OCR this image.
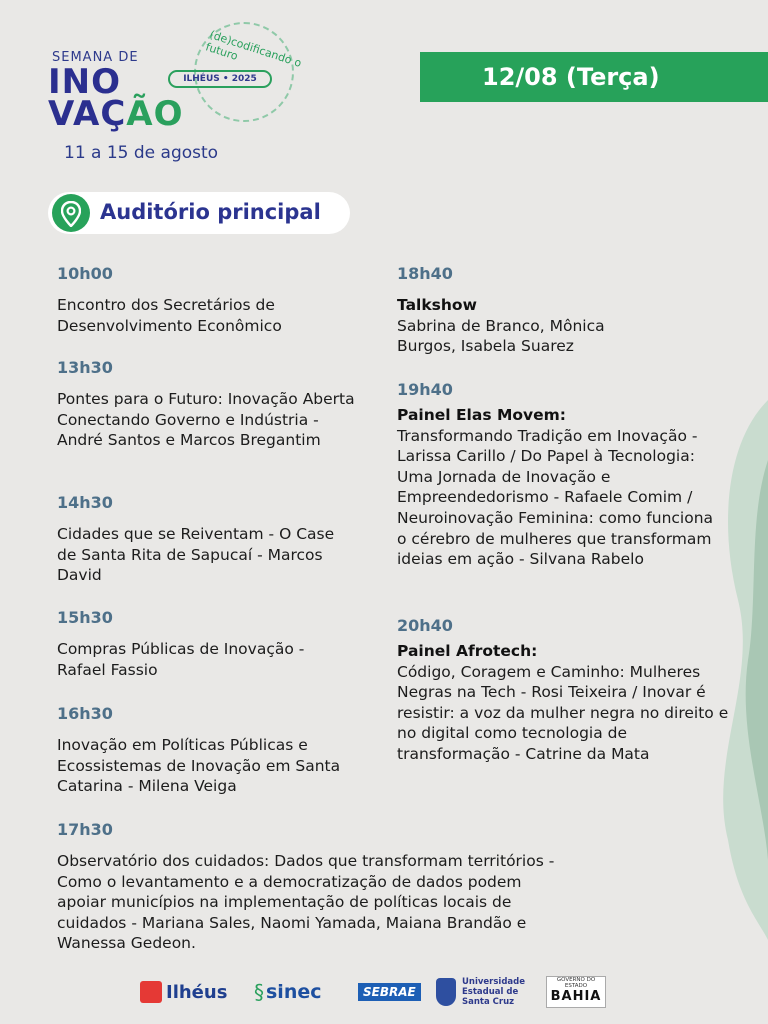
(de)codificando o futuro
SEMANA DE
INO	ILHÉUS • 2025
VAÇÃO
11 a 15 de agosto
12/08 (Terça)
Auditório principal
10h00
Encontro dos Secretários de Desenvolvimento Econômico
13h30
Pontes para o Futuro: Inovação Aberta Conectando Governo e Indústria - André Santos e Marcos Bregantim
14h30
Cidades que se Reiventam - O Case de Santa Rita de Sapucaí - Marcos David
15h30
Compras Públicas de Inovação - Rafael Fassio
16h30
Inovação em Políticas Públicas e Ecossistemas de Inovação em Santa Catarina - Milena Veiga
17h30
Observatório dos cuidados: Dados que transformam territórios - Como o levantamento e a democratização de dados podem apoiar municípios na implementação de políticas locais de cuidados - Mariana Sales, Naomi Yamada, Maiana Brandão e Wanessa Gedeon.
18h40
Talkshow
Sabrina de Branco, Mônica Burgos, Isabela Suarez
19h40
Painel Elas Movem:
Transformando Tradição em Inovação - Larissa Carillo / Do Papel à Tecnologia: Uma Jornada de Inovação e Empreendedorismo - Rafaele Comim / Neuroinovação Feminina: como funciona o cérebro de mulheres que transformam ideias em ação - Silvana Rabelo
20h40
Painel Afrotech:
Código, Coragem e Caminho: Mulheres Negras na Tech - Rosi Teixeira / Inovar é resistir: a voz da mulher negra no direito e no digital como tecnologia de transformação - Catrine da Mata
Ilhéus § sinec	SEBRAE
Universidade
Estadual de
Santa Cruz
GOVERNO DO ESTADO
BAHIA
